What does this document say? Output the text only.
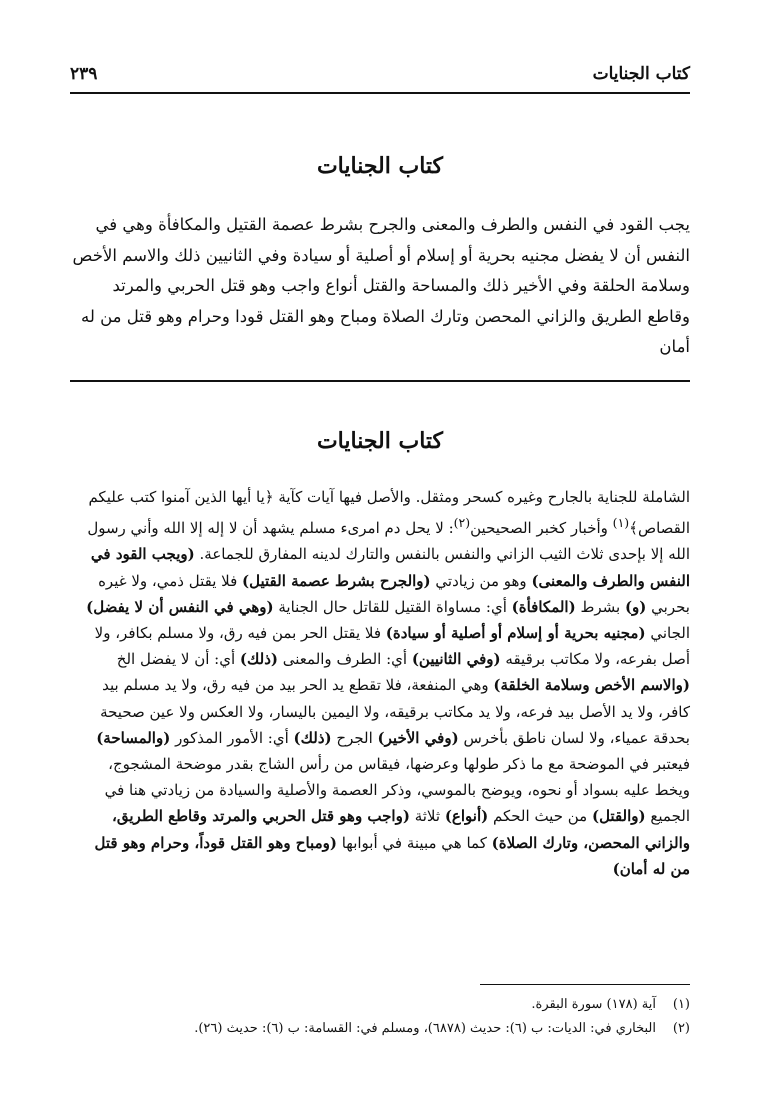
كتاب الجنايات
٢٣٩
كتاب الجنايات

يجب القود في النفس والطرف والمعنى والجرح بشرط عصمة القتيل والمكافأة وهي في النفس أن لا يفضل مجنيه بحرية أو إسلام أو أصلية أو سيادة وفي الثانيين ذلك والاسم الأخص وسلامة الحلقة وفي الأخير ذلك والمساحة والقتل أنواع واجب وهو قتل الحربي والمرتد وقاطع الطريق والزاني المحصن وتارك الصلاة ومباح وهو القتل قودا وحرام وهو قتل من له أمان

كتاب الجنايات

الشاملة للجناية بالجارح وغيره كسحر ومثقل. والأصل فيها آيات كآية ﴿يا أيها الذين آمنوا كتب عليكم القصاص﴾$^{(١)}$ وأخبار كخبر الصحيحين$^{(٢)}$: لا يحل دم امرىء مسلم يشهد أن لا إله إلا الله وأني رسول الله إلا بإحدى ثلاث الثيب الزاني والنفس بالنفس والتارك لدينه المفارق للجماعة. (ويجب القود في النفس والطرف والمعنى) وهو من زيادتي (والجرح بشرط عصمة القتيل) فلا يقتل ذمي، ولا غيره بحربي (و) بشرط (المكافأة) أي: مساواة القتيل للقاتل حال الجناية (وهي في النفس أن لا يفضل) الجاني (مجنيه بحرية أو إسلام أو أصلية أو سيادة) فلا يقتل الحر بمن فيه رق، ولا مسلم بكافر، ولا أصل بفرعه، ولا مكاتب برقيقه (وفي الثانيين) أي: الطرف والمعنى (ذلك) أي: أن لا يفضل الخ (والاسم الأخص وسلامة الخلقة) وهي المنفعة، فلا تقطع يد الحر بيد من فيه رق، ولا يد مسلم بيد كافر، ولا يد الأصل بيد فرعه، ولا يد مكاتب برقيقه، ولا اليمين باليسار، ولا العكس ولا عين صحيحة بحدقة عمياء، ولا لسان ناطق بأخرس (وفي الأخير) الجرح (ذلك) أي: الأمور المذكور (والمساحة) فيعتبر في الموضحة مع ما ذكر طولها وعرضها، فيقاس من رأس الشاج بقدر موضحة المشجوج، ويخط عليه بسواد أو نحوه، ويوضح بالموسي، وذكر العصمة والأصلية والسيادة من زيادتي هنا في الجميع (والقتل) من حيث الحكم (أنواع) ثلاثة (واجب وهو قتل الحربي والمرتد وقاطع الطريق، والزاني المحصن، وتارك الصلاة) كما هي مبينة في أبوابها (ومباح وهو القتل قوداً، وحرام وهو قتل من له أمان)

(١)آية (١٧٨) سورة البقرة.

(٢)البخاري في: الديات: ب (٦): حديث (٦٨٧٨)، ومسلم في: القسامة: ب (٦): حديث (٢٦).
